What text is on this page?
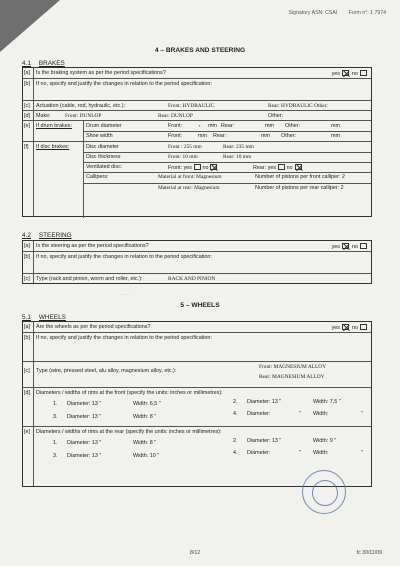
Signatory ASN: CSAI Form n°: 1 7974
4 – BRAKES AND STEERING
4.1 BRAKES
[a] Is the braking system as per the period specifications?	yes no
[b] If no, specify and justify the changes in relation to the period specification:
[c] Actuation (cable, rod, hydraulic, etc.):	Front: HYDRAULIC	Rear: HYDRAULIC Other:
[d] Make:	Front: DUNLOP	Rear: DUNLOP	Other:
[e] If drum brakes:	Drum diameter	Front:	, mm Rear:	mm Other:	mm
Shoe width	Front:	mm Rear:	mm Other:	mm
[f] If disc brakes:	Disc diameter	Front : 255 mm	Rear: 235 mm
Disc thickness	Front: 10 mm	Rear: 10 mm
Ventilated disc:	Front: yes no	Rear: yes no
Callipers:	Material at front: Magnesium	Number of pistons per front calliper: 2
Material at rear: Magnesium	Number of pistons per rear calliper: 2
4.2 STEERING
[a] Is the steering as per the period specifications?	yes no
[b] If no, specify and justify the changes in relation to the period specification:
[c] Type (rack and pinion, worm and roller, etc.):	RACK AND PINION
~ ~~ ~
5 – WHEELS
5.1 WHEELS
[a] Are the wheels as per the period specifications?	yes no
[b] If no, specify and justify the changes in relation to the period specification:
[c] Type (wire, pressed steel, alu alloy, magnesium alloy, etc.):
Front: MAGNESIUM ALLOY
Rear: MAGNESIUM ALLOY
[d] Diameters / widths of rims at the front (specify the units: inches or millimetres):
1. Diameter: 13 "	Width: 6,5 "	2. Diameter: 13 "	Width: 7,5 "
3. Diameter: 13 "	Width: 8 "	4. Diameter:	" Width:	"
[e] Diameters / widths of rims at the rear (specify the units: inches or millimetres):
1. Diameter: 13 "	Width: 8 "	2. Diameter: 13 "	Width: 9 "
3. Diameter: 13 "	Width: 10 "	4. Diameter:	" Width:	"
8/12	fc 30/11/09
